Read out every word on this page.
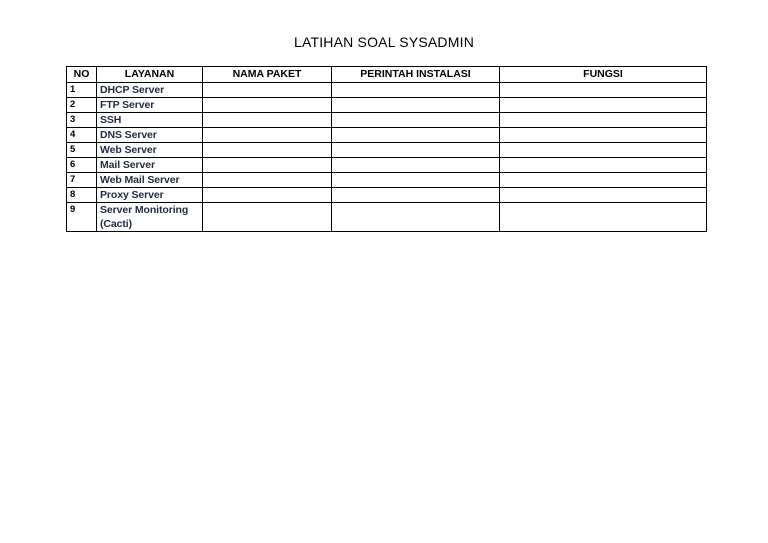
LATIHAN SOAL SYSADMIN
NO	LAYANAN	NAMA PAKET	PERINTAH INSTALASI	FUNGSI
1	DHCP Server			
2	FTP Server			
3	SSH			
4	DNS Server			
5	Web Server			
6	Mail Server			
7	Web Mail Server			
8	Proxy Server			
9	Server Monitoring (Cacti)			
